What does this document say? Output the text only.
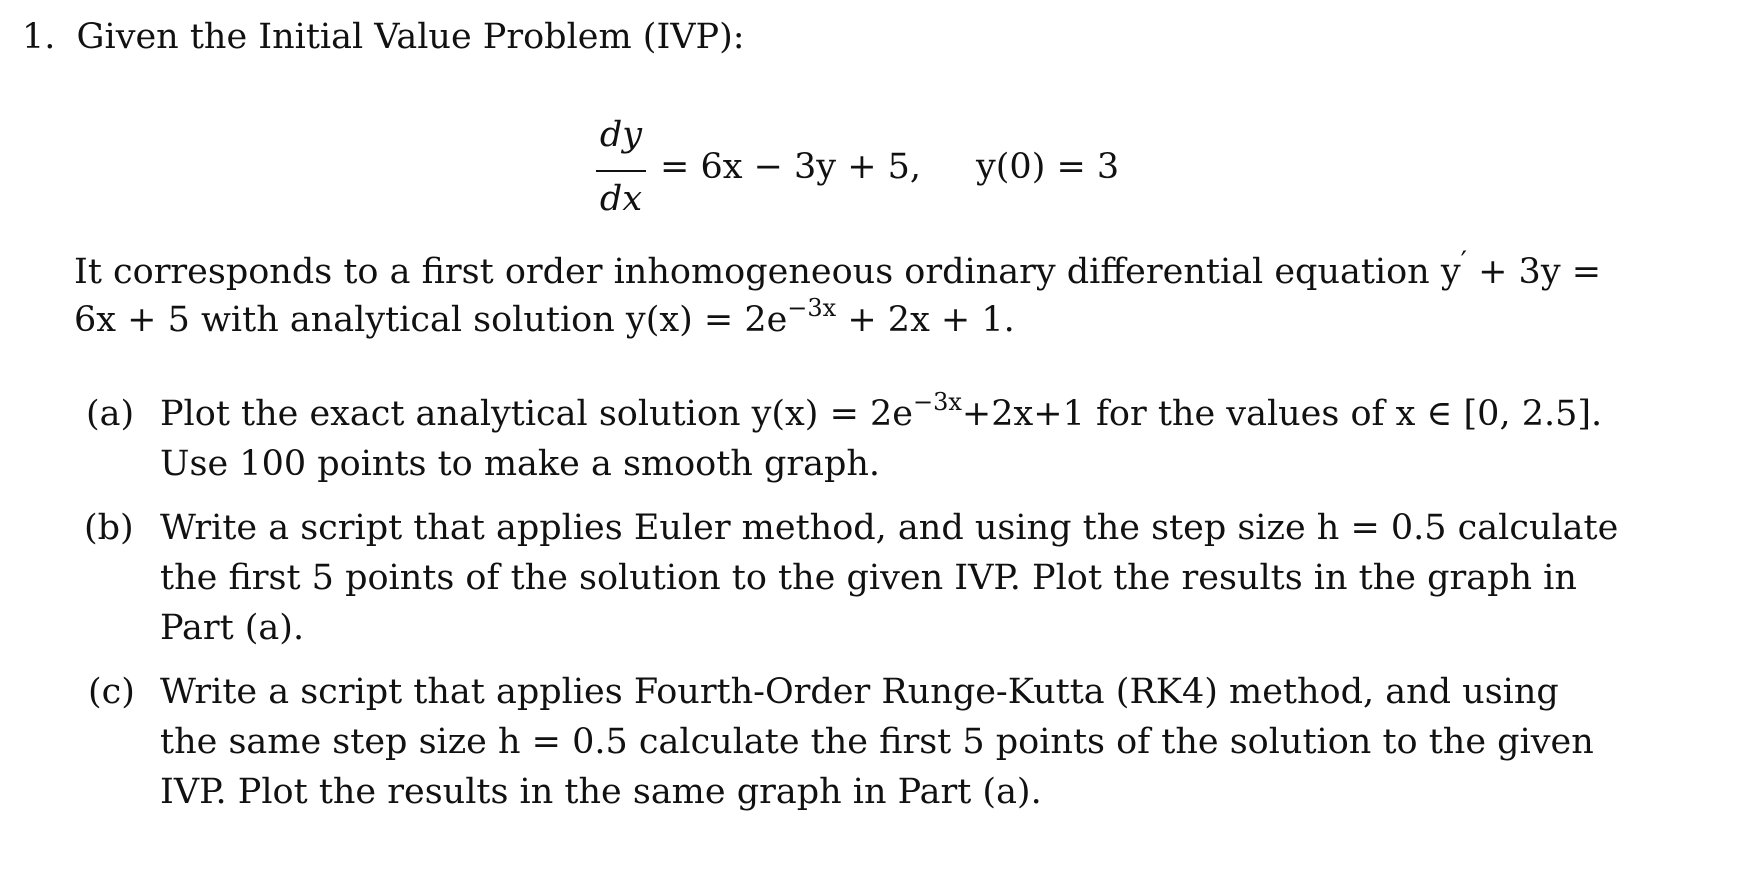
1. Given the Initial Value Problem (IVP):
dy
dx
= 6x − 3y + 5, y(0) = 3
It corresponds to a first order inhomogeneous ordinary differential equation y′ + 3y =
6x + 5 with analytical solution $y(x) = 2e^{-3x} + 2x + 1$.
(a) Plot the exact analytical solution $y(x) = 2e^{-3x}+2x+1$ for the values of x ∈ [0, 2.5].
Use 100 points to make a smooth graph.
(b) Write a script that applies Euler method, and using the step size h = 0.5 calculate
the first 5 points of the solution to the given IVP. Plot the results in the graph in
Part (a).
(c) Write a script that applies Fourth-Order Runge-Kutta (RK4) method, and using
the same step size h = 0.5 calculate the first 5 points of the solution to the given
IVP. Plot the results in the same graph in Part (a).
